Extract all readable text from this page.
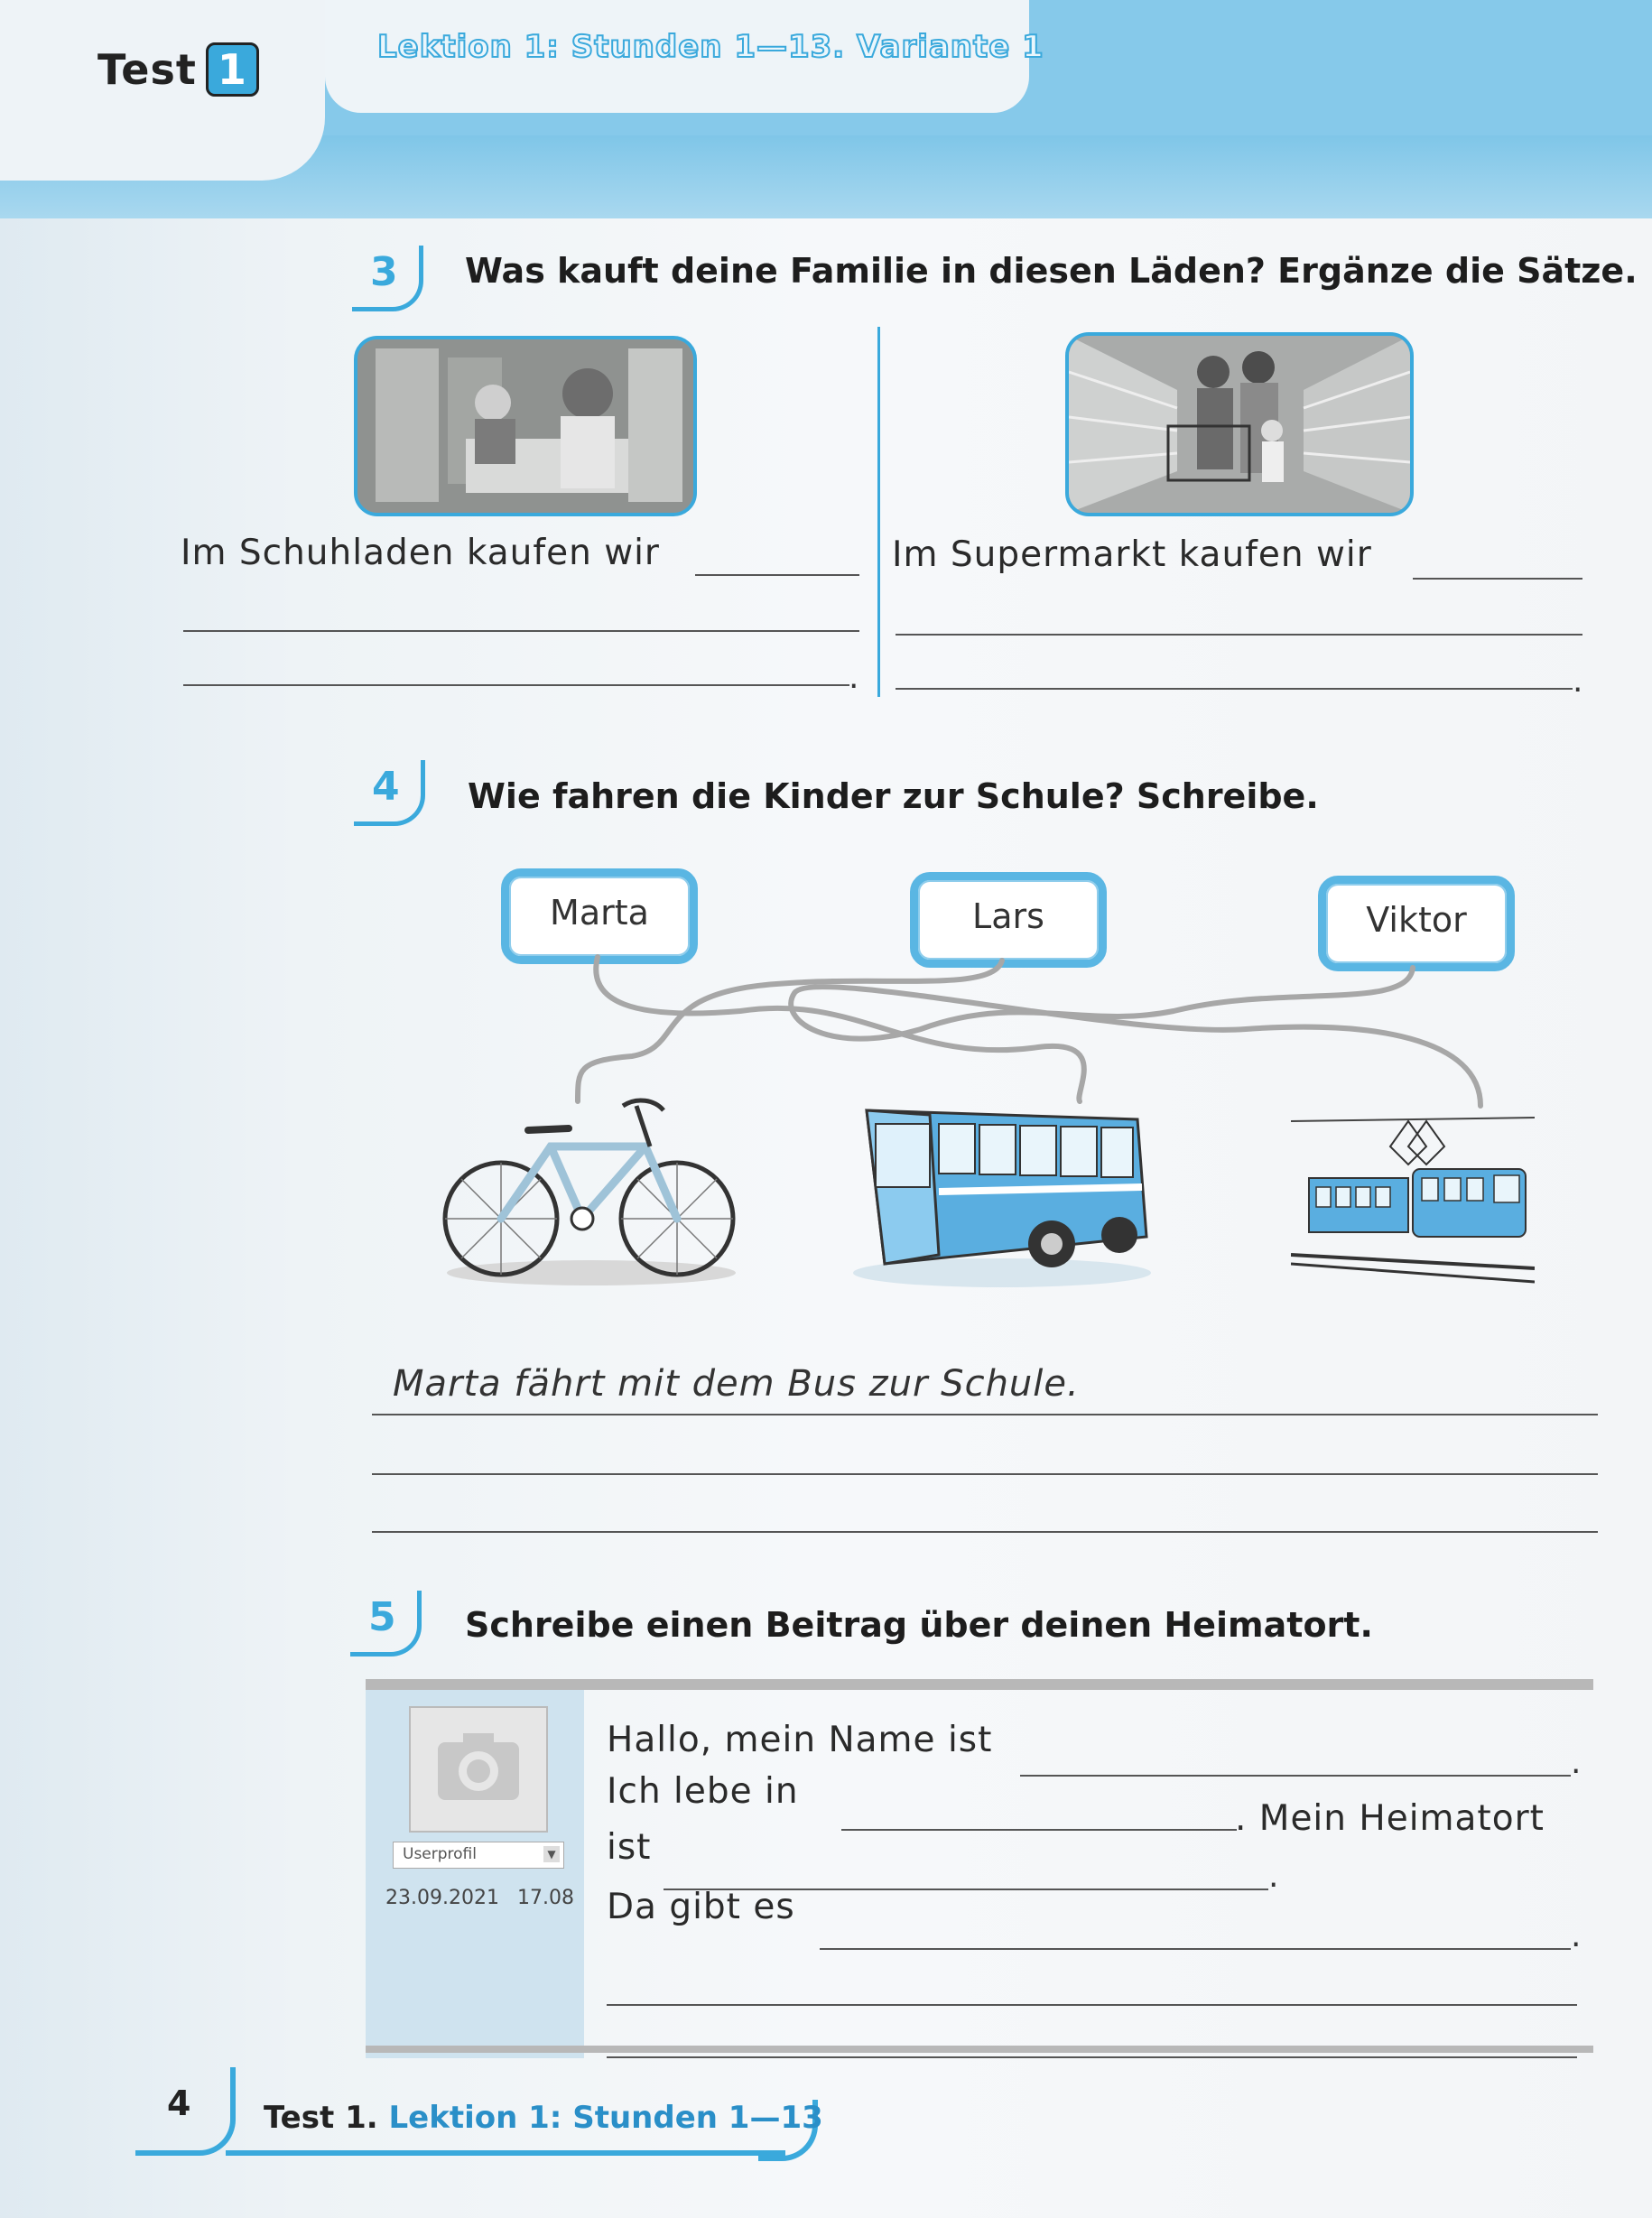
Test 1	Lektion 1: Stunden 1—13. Variante 1
3 Was kauft deine Familie in diesen Läden? Ergänze die Sätze.
Im Schuhladen kaufen wir
.
Im Supermarkt kaufen wir
.
4 Wie fahren die Kinder zur Schule? Schreibe.
Marta	Lars	Viktor
Marta fährt mit dem Bus zur Schule.
5 Schreibe einen Beitrag über deinen Heimatort.
Userprofil	▼
23.09.2021 17.08
Hallo, mein Name ist
.
Ich lebe in
. Mein Heimatort
ist
.
Da gibt es
.
4 Test 1. Lektion 1: Stunden 1—13
